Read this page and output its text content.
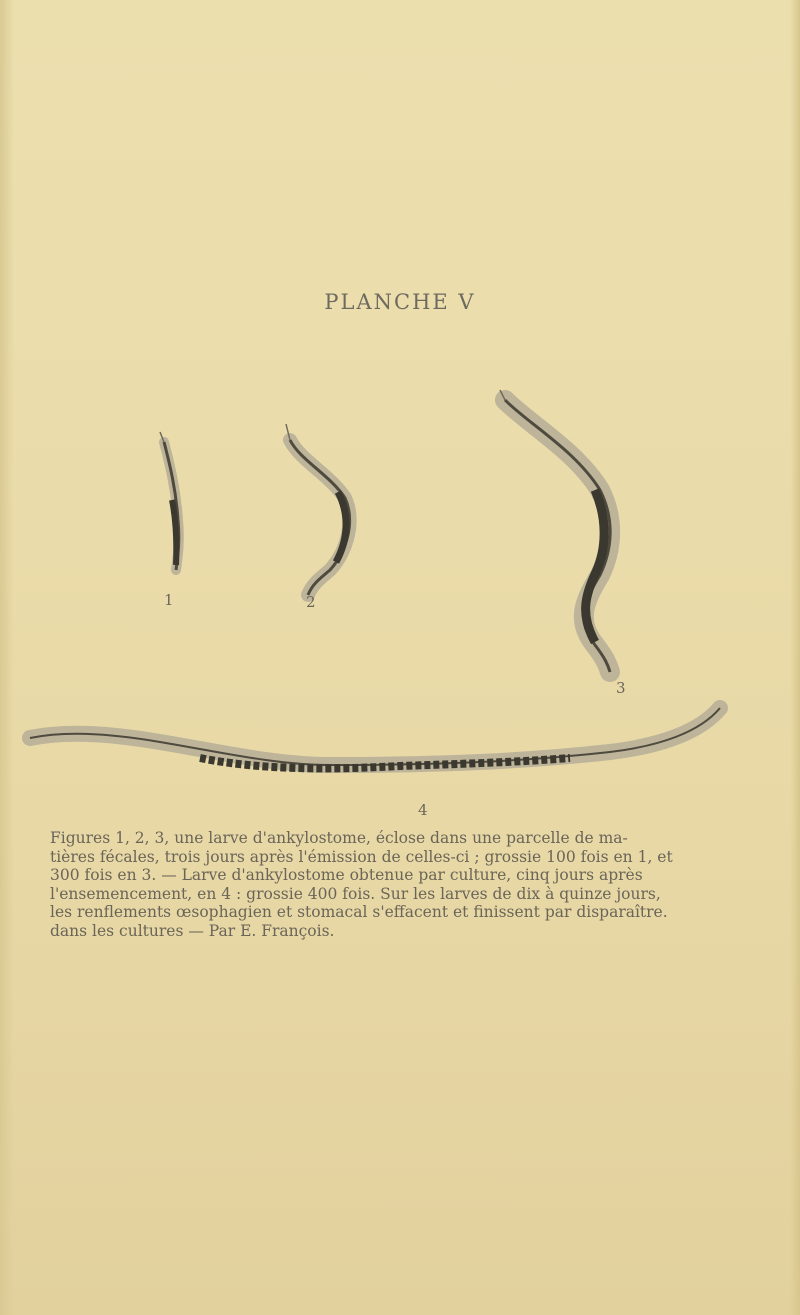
PLANCHE V
1	2
3
4
Figures 1, 2, 3, une larve d'ankylostome, éclose dans une parcelle de ma-
tières fécales, trois jours après l'émission de celles-ci ; grossie 100 fois en 1, et
300 fois en 3. — Larve d'ankylostome obtenue par culture, cinq jours après
l'ensemencement, en 4 : grossie 400 fois. Sur les larves de dix à quinze jours,
les renflements œsophagien et stomacal s'effacent et finissent par disparaître.
dans les cultures — Par E. François.
